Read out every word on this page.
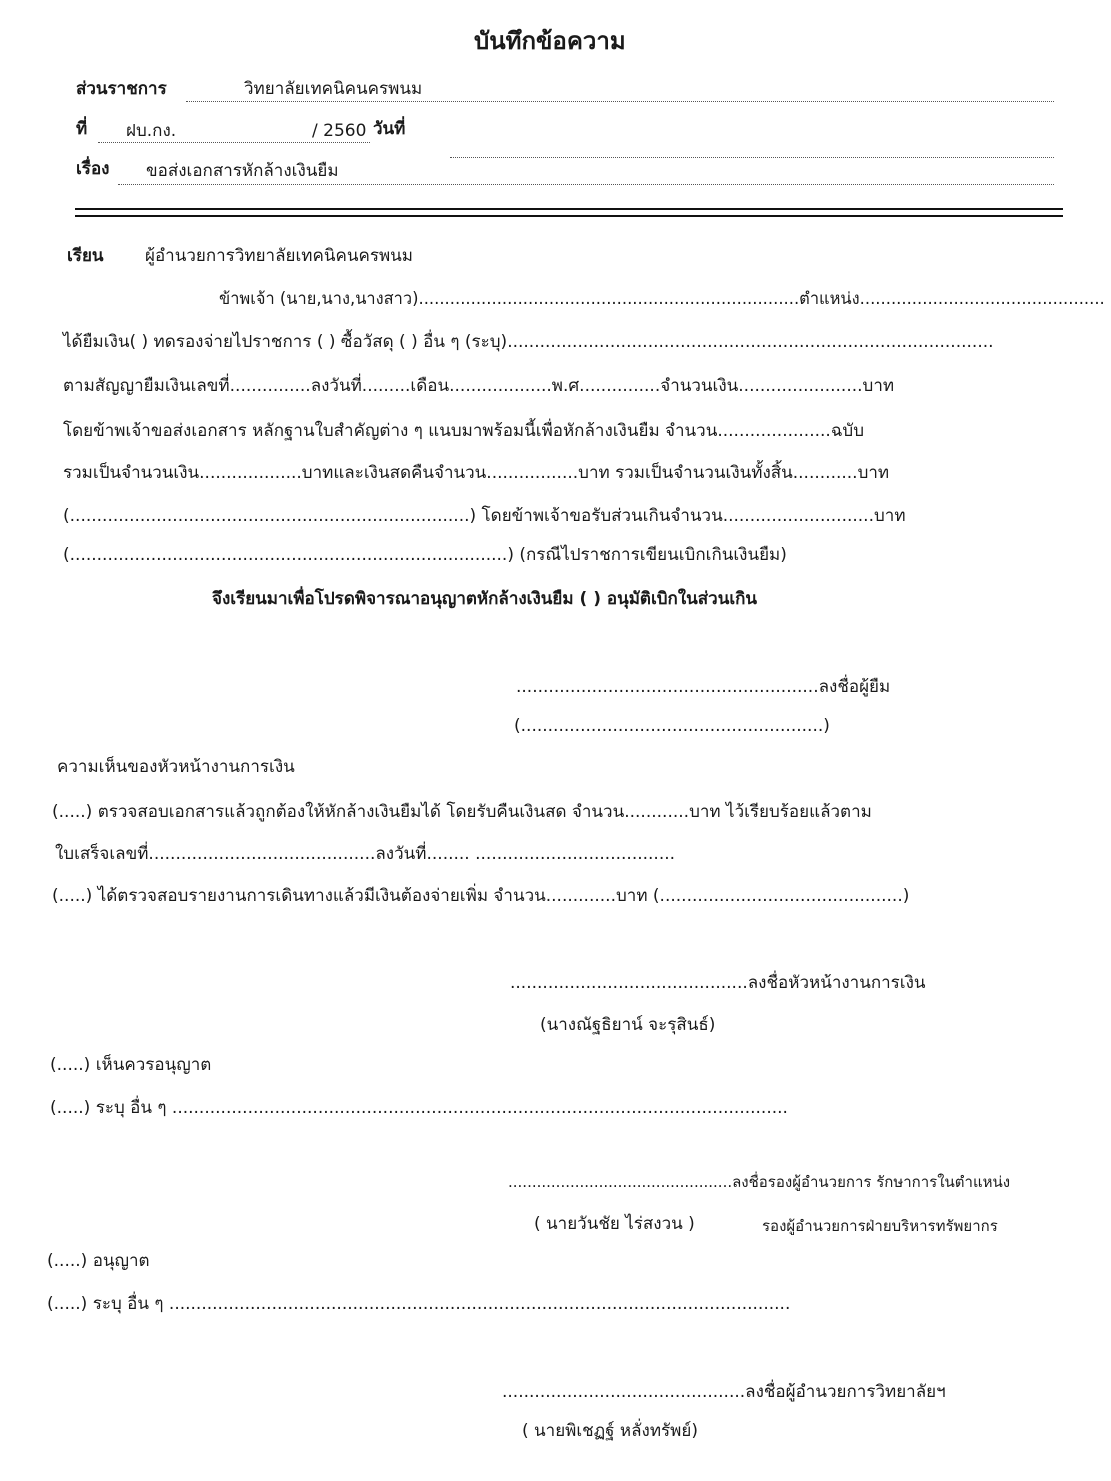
บันทึกข้อความ
ส่วนราชการ	วิทยาลัยเทคนิคนครพนม
ที่ ฝบ.กง.	/ 2560 วันที่
เรื่อง ขอส่งเอกสารหักล้างเงินยืม
เรียน ผู้อำนวยการวิทยาลัยเทคนิคนครพนม
ข้าพเจ้า (นาย,นาง,นางสาว).........................................................................ตำแหน่ง...............................................
ได้ยืมเงิน( ) ทดรองจ่ายไปราชการ ( ) ซื้อวัสดุ ( ) อื่น ๆ (ระบุ)..........................................................................................
ตามสัญญายืมเงินเลขที่...............ลงวันที่.........เดือน...................พ.ศ...............จำนวนเงิน.......................บาท
โดยข้าพเจ้าขอส่งเอกสาร หลักฐานใบสำคัญต่าง ๆ แนบมาพร้อมนี้เพื่อหักล้างเงินยืม จำนวน.....................ฉบับ
รวมเป็นจำนวนเงิน...................บาทและเงินสดคืนจำนวน.................บาท รวมเป็นจำนวนเงินทั้งสิ้น............บาท
(..........................................................................) โดยข้าพเจ้าขอรับส่วนเกินจำนวน............................บาท
(.................................................................................) (กรณีไปราชการเขียนเบิกเกินเงินยืม)
จึงเรียนมาเพื่อโปรดพิจารณาอนุญาตหักล้างเงินยืม ( ) อนุมัติเบิกในส่วนเกิน
........................................................ลงชื่อผู้ยืม
(........................................................)
ความเห็นของหัวหน้างานการเงิน
(.....) ตรวจสอบเอกสารแล้วถูกต้องให้หักล้างเงินยืมได้ โดยรับคืนเงินสด จำนวน............บาท ไว้เรียบร้อยแล้วตาม
ใบเสร็จเลขที่..........................................ลงวันที่........ .....................................
(.....) ได้ตรวจสอบรายงานการเดินทางแล้วมีเงินต้องจ่ายเพิ่ม จำนวน.............บาท (.............................................)
............................................ลงชื่อหัวหน้างานการเงิน
(นางณัฐธิยาน์ จะรุสินธ์)
(.....) เห็นควรอนุญาต
(.....) ระบุ อื่น ๆ ..................................................................................................................
...............................................ลงชื่อรองผู้อำนวยการ รักษาการในตำแหน่ง
( นายวันชัย ไร่สงวน )	รองผู้อำนวยการฝ่ายบริหารทรัพยากร
(.....) อนุญาต
(.....) ระบุ อื่น ๆ ...................................................................................................................
.............................................ลงชื่อผู้อำนวยการวิทยาลัยฯ
( นายพิเชฏฐ์ หลั่งทรัพย์)
